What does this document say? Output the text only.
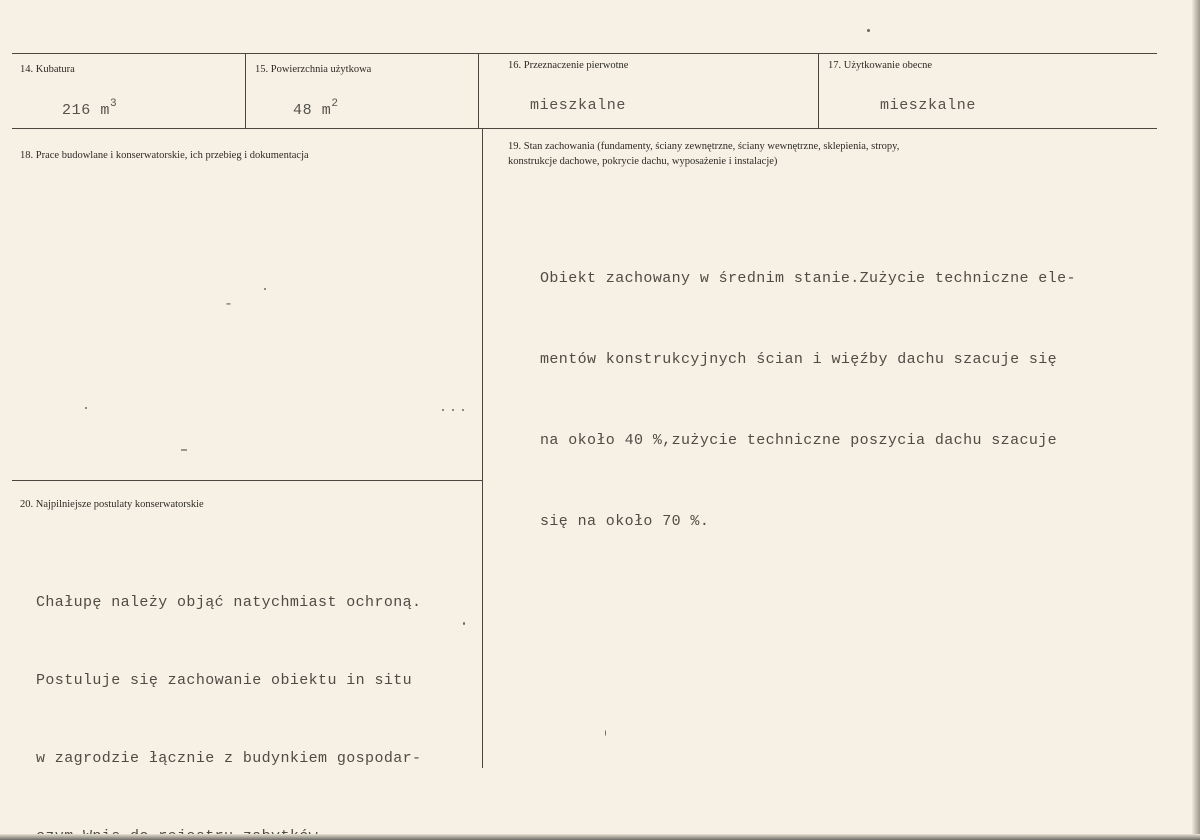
14. Kubatura
216 $m^3$
15. Powierzchnia użytkowa
48 $m^2$
16. Przeznaczenie pierwotne
mieszkalne
17. Użytkowanie obecne
mieszkalne
18. Prace budowlane i konserwatorskie, ich przebieg i dokumentacja
-
19. Stan zachowania (fundamenty, ściany zewnętrzne, ściany wewnętrzne, sklepienia, stropy,
konstrukcje dachowe, pokrycie dachu, wyposażenie i instalacje)

Obiekt zachowany w średnim stanie.Zużycie techniczne ele-

mentów konstrukcyjnych ścian i więźby dachu szacuje się

na około 40 %,zużycie techniczne poszycia dachu szacuje

się na około 70 %.

20. Najpilniejsze postulaty konserwatorskie

Chałupę należy objąć natychmiast ochroną.

Postuluje się zachowanie obiektu in situ

w zagrodzie łącznie z budynkiem gospodar-
